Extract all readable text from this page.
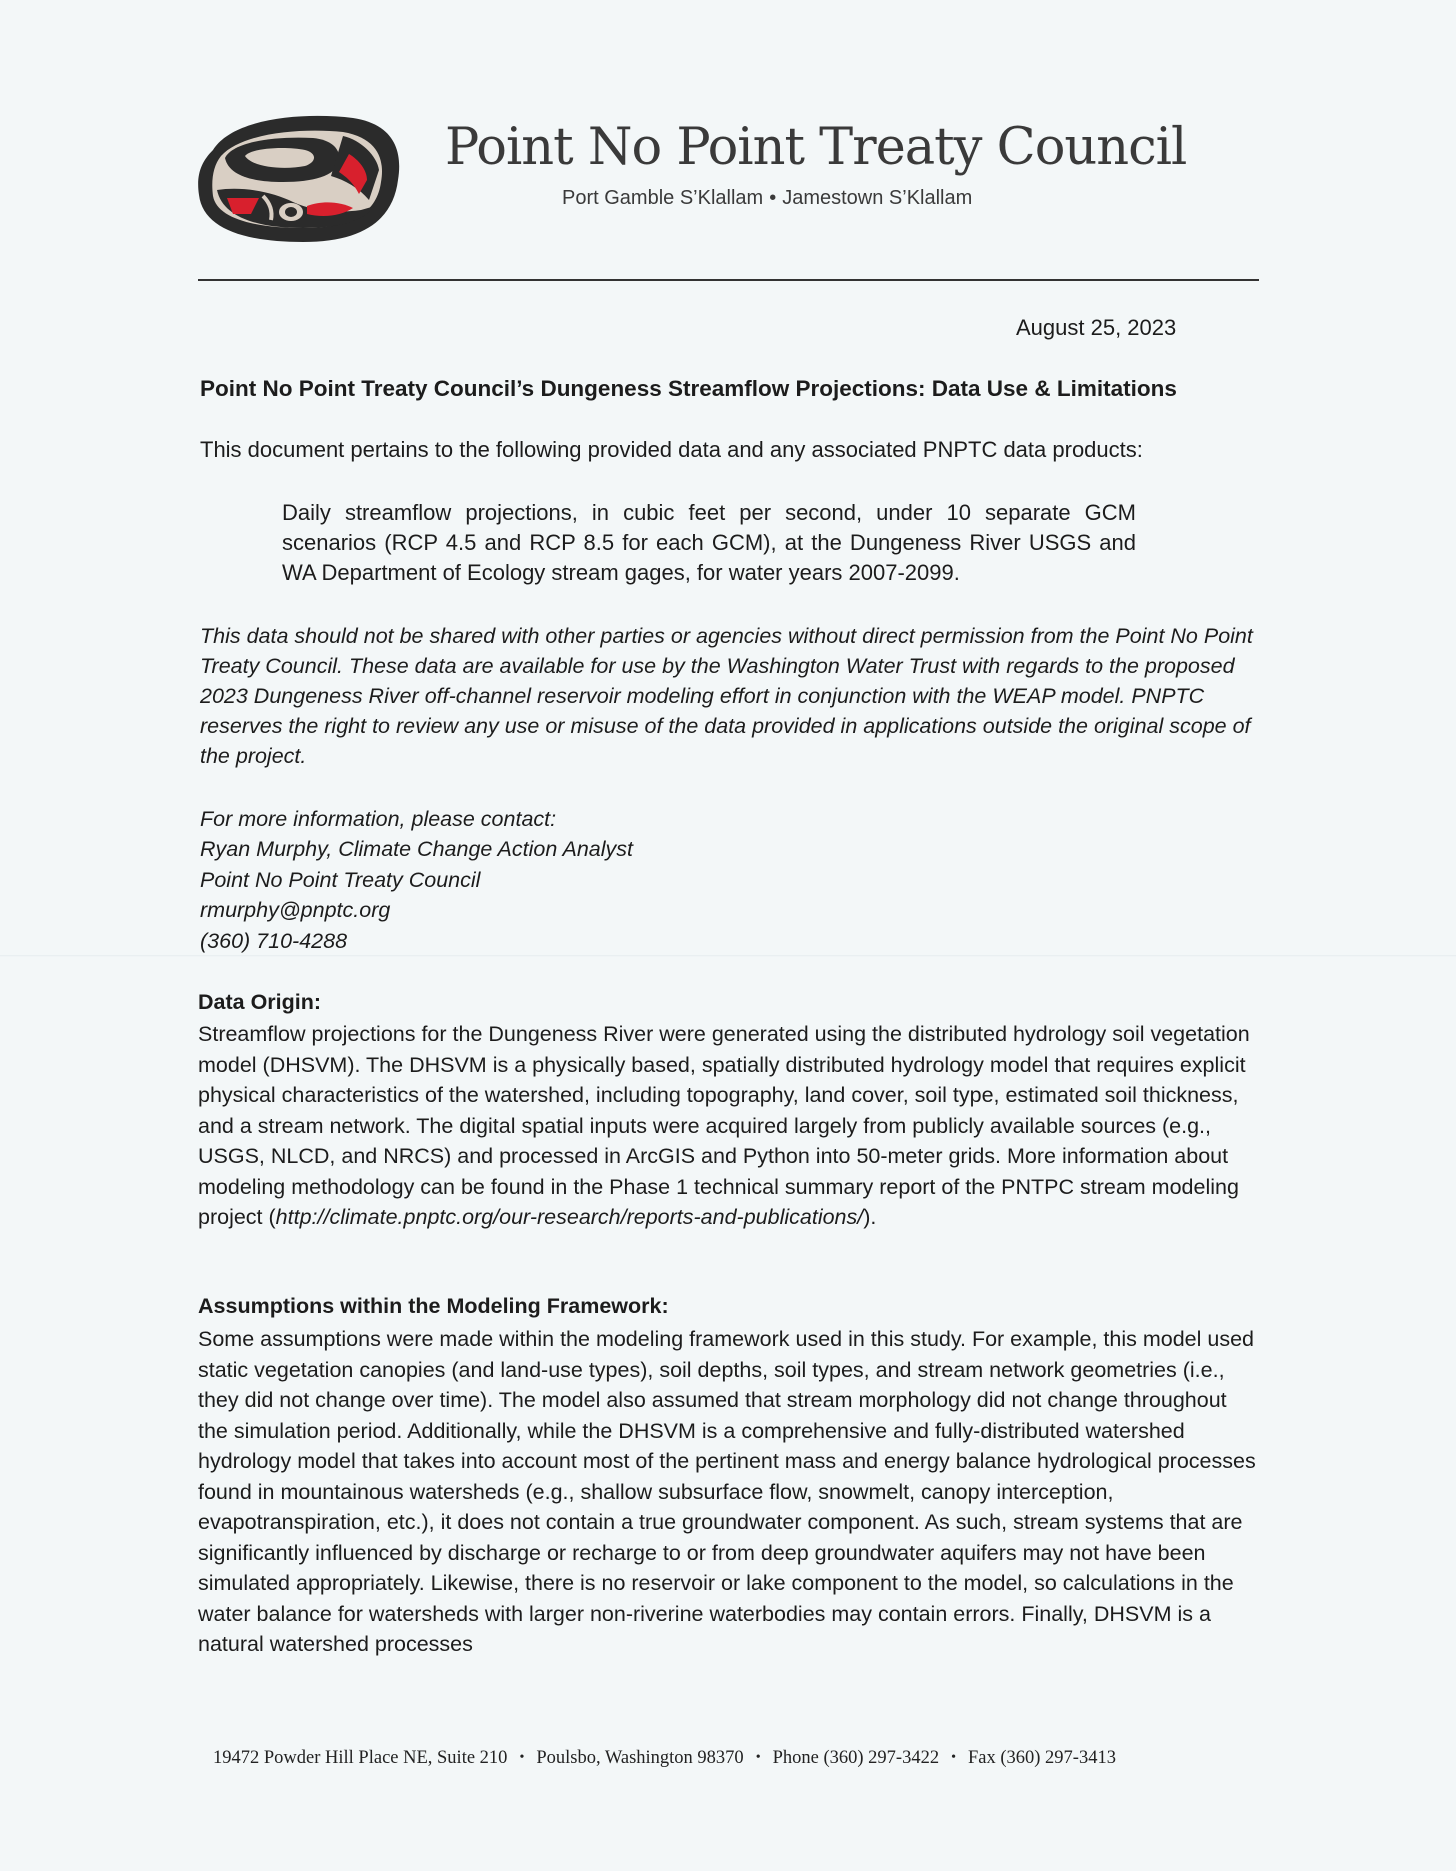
Point No Point Treaty Council
Port Gamble S’Klallam • Jamestown S’Klallam
August 25, 2023
Point No Point Treaty Council’s Dungeness Streamflow Projections: Data Use & Limitations
This document pertains to the following provided data and any associated PNPTC data products:

Daily streamflow projections, in cubic feet per second, under 10 separate GCM scenarios (RCP 4.5 and RCP 8.5 for each GCM), at the Dungeness River USGS and WA Department of Ecology stream gages, for water years 2007-2099.

This data should not be shared with other parties or agencies without direct permission from the Point No Point Treaty Council. These data are available for use by the Washington Water Trust with regards to the proposed 2023 Dungeness River off-channel reservoir modeling effort in conjunction with the WEAP model. PNPTC reserves the right to review any use or misuse of the data provided in applications outside the original scope of the project.

For more information, please contact:
Ryan Murphy, Climate Change Action Analyst
Point No Point Treaty Council
rmurphy@pnptc.org
(360) 710-4288
Data Origin:

Streamflow projections for the Dungeness River were generated using the distributed hydrology soil vegetation model (DHSVM). The DHSVM is a physically based, spatially distributed hydrology model that requires explicit physical characteristics of the watershed, including topography, land cover, soil type, estimated soil thickness, and a stream network. The digital spatial inputs were acquired largely from publicly available sources (e.g., USGS, NLCD, and NRCS) and processed in ArcGIS and Python into 50-meter grids. More information about modeling methodology can be found in the Phase 1 technical summary report of the PNTPC stream modeling project (http://climate.pnptc.org/our-research/reports-and-publications/).

Assumptions within the Modeling Framework:

Some assumptions were made within the modeling framework used in this study. For example, this model used static vegetation canopies (and land-use types), soil depths, soil types, and stream network geometries (i.e., they did not change over time). The model also assumed that stream morphology did not change throughout the simulation period. Additionally, while the DHSVM is a comprehensive and fully-distributed watershed hydrology model that takes into account most of the pertinent mass and energy balance hydrological processes found in mountainous watersheds (e.g., shallow subsurface flow, snowmelt, canopy interception, evapotranspiration, etc.), it does not contain a true groundwater component. As such, stream systems that are significantly influenced by discharge or recharge to or from deep groundwater aquifers may not have been simulated appropriately. Likewise, there is no reservoir or lake component to the model, so calculations in the water balance for watersheds with larger non-riverine waterbodies may contain errors. Finally, DHSVM is a natural watershed processes

19472 Powder Hill Place NE, Suite 210 • Poulsbo, Washington 98370 • Phone (360) 297-3422 • Fax (360) 297-3413
